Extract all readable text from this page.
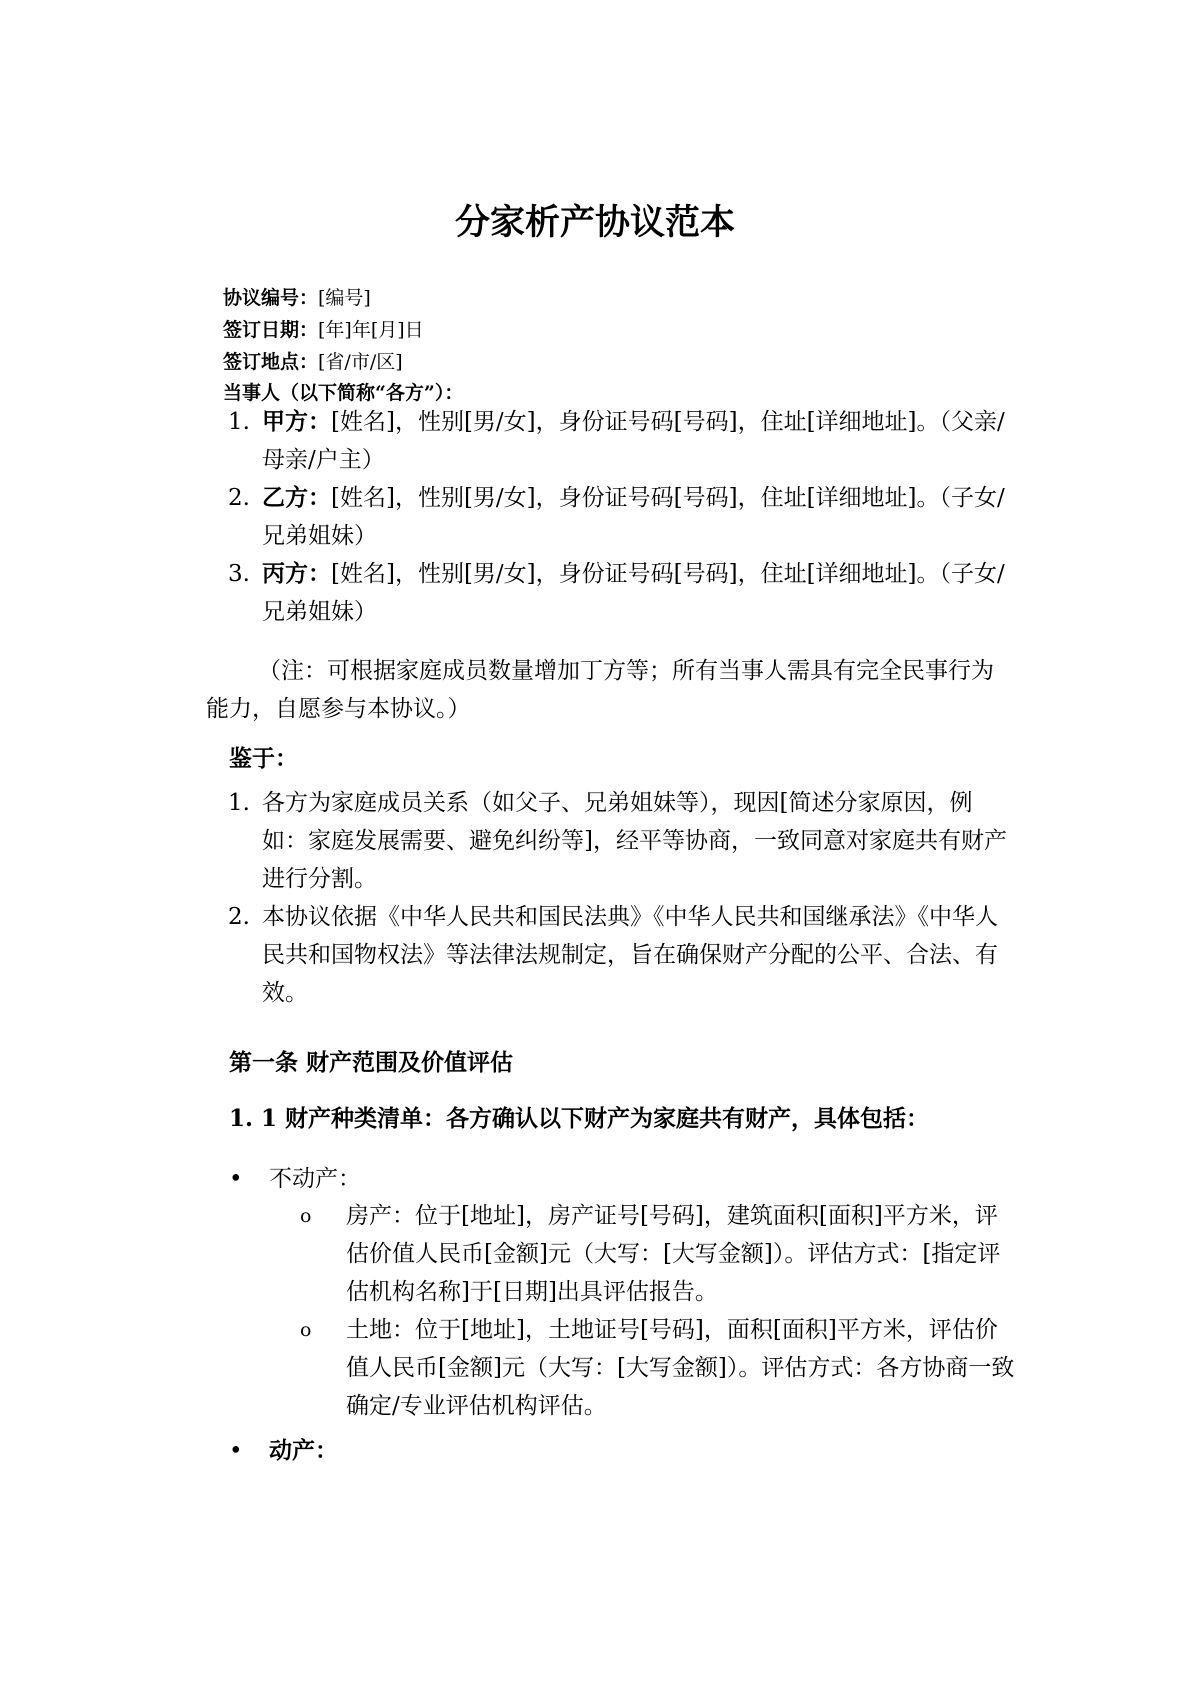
分家析产协议范本
协议编号：[编号]
签订日期：[年]年[月]日
签订地点：[省/市/区]
当事人（以下简称“各方”）：
1. 甲方：[姓名]，性别[男/女]，身份证号码[号码]，住址[详细地址]。（父亲/母亲/户主）
2. 乙方：[姓名]，性别[男/女]，身份证号码[号码]，住址[详细地址]。（子女/兄弟姐妹）
3. 丙方：[姓名]，性别[男/女]，身份证号码[号码]，住址[详细地址]。（子女/兄弟姐妹）
（注：可根据家庭成员数量增加丁方等；所有当事人需具有完全民事行为能力，自愿参与本协议。）
鉴于：
1. 各方为家庭成员关系（如父子、兄弟姐妹等），现因[简述分家原因，例如：家庭发展需要、避免纠纷等]，经平等协商，一致同意对家庭共有财产进行分割。
2. 本协议依据《中华人民共和国民法典》《中华人民共和国继承法》《中华人民共和国物权法》等法律法规制定，旨在确保财产分配的公平、合法、有效。
第一条 财产范围及价值评估
1. 1 财产种类清单：各方确认以下财产为家庭共有财产，具体包括：
• 不动产：
o 房产：位于[地址]，房产证号[号码]，建筑面积[面积]平方米，评估价值人民币[金额]元（大写：[大写金额]）。评估方式：[指定评估机构名称]于[日期]出具评估报告。
o 土地：位于[地址]，土地证号[号码]，面积[面积]平方米，评估价值人民币[金额]元（大写：[大写金额]）。评估方式：各方协商一致确定/专业评估机构评估。
• 动产：
